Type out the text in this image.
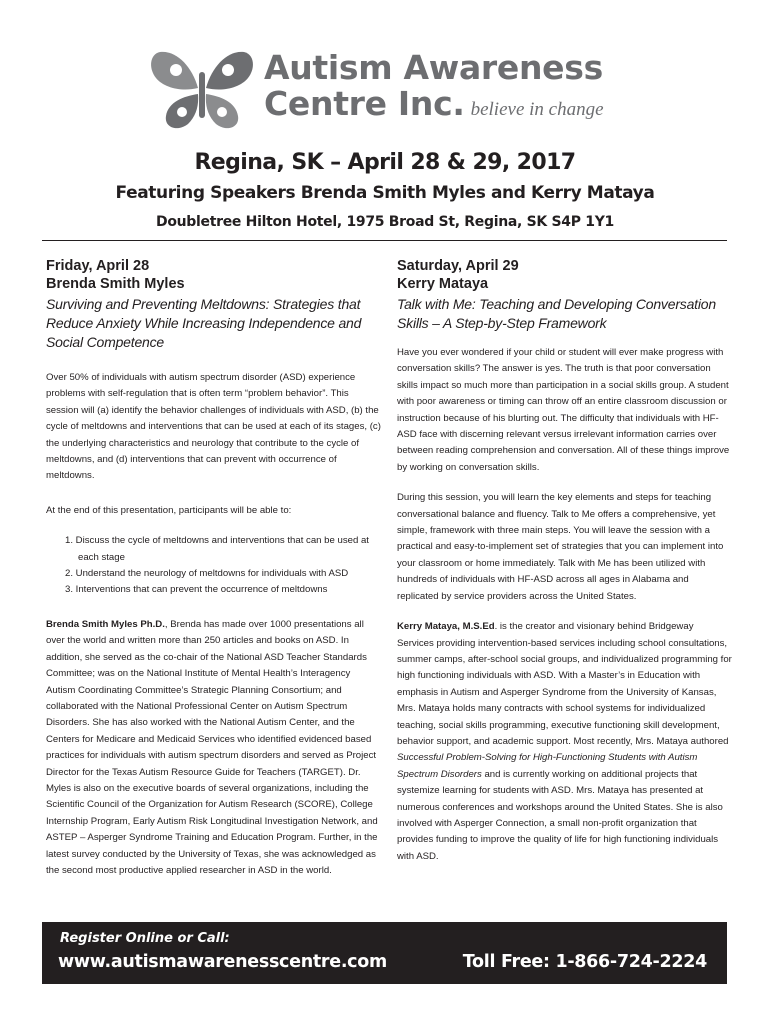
Autism Awareness
Centre Inc. believe in change
Regina, SK – April 28 & 29, 2017
Featuring Speakers Brenda Smith Myles and Kerry Mataya
Doubletree Hilton Hotel, 1975 Broad St, Regina, SK S4P 1Y1
Friday, April 28
Brenda Smith Myles
Surviving and Preventing Meltdowns: Strategies that Reduce Anxiety While Increasing Independence and Social Competence

Over 50% of individuals with autism spectrum disorder (ASD) experience problems with self-regulation that is often term “problem behavior”. This session will (a) identify the behavior challenges of individuals with ASD, (b) the cycle of meltdowns and interventions that can be used at each of its stages, (c) the underlying characteristics and neurology that contribute to the cycle of meltdowns, and (d) interventions that can prevent with occurrence of meltdowns.

At the end of this presentation, participants will be able to:

1. Discuss the cycle of meltdowns and interventions that can be used at each stage
2. Understand the neurology of meltdowns for individuals with ASD
3. Interventions that can prevent the occurrence of meltdowns

Brenda Smith Myles Ph.D., Brenda has made over 1000 presentations all over the world and written more than 250 articles and books on ASD. In addition, she served as the co-chair of the National ASD Teacher Standards Committee; was on the National Institute of Mental Health’s Interagency Autism Coordinating Committee’s Strategic Planning Consortium; and collaborated with the National Professional Center on Autism Spectrum Disorders. She has also worked with the National Autism Center, and the Centers for Medicare and Medicaid Services who identified evidenced based practices for individuals with autism spectrum disorders and served as Project Director for the Texas Autism Resource Guide for Teachers (TARGET). Dr. Myles is also on the executive boards of several organizations, including the Scientific Council of the Organization for Autism Research (SCORE), College Internship Program, Early Autism Risk Longitudinal Investigation Network, and ASTEP – Asperger Syndrome Training and Education Program. Further, in the latest survey conducted by the University of Texas, she was acknowledged as the second most productive applied researcher in ASD in the world.

Saturday, April 29
Kerry Mataya
Talk with Me: Teaching and Developing Conversation Skills – A Step-by-Step Framework

Have you ever wondered if your child or student will ever make progress with conversation skills? The answer is yes. The truth is that poor conversation skills impact so much more than participation in a social skills group. A student with poor awareness or timing can throw off an entire classroom discussion or instruction because of his blurting out. The difficulty that individuals with HF-ASD face with discerning relevant versus irrelevant information carries over between reading comprehension and conversation. All of these things improve by working on conversation skills.

During this session, you will learn the key elements and steps for teaching conversational balance and fluency. Talk to Me offers a comprehensive, yet simple, framework with three main steps. You will leave the session with a practical and easy-to-implement set of strategies that you can implement into your classroom or home immediately. Talk with Me has been utilized with hundreds of individuals with HF-ASD across all ages in Alabama and replicated by service providers across the United States.

Kerry Mataya, M.S.Ed. is the creator and visionary behind Bridgeway Services providing intervention-based services including school consultations, summer camps, after-school social groups, and individualized programming for high functioning individuals with ASD. With a Master’s in Education with emphasis in Autism and Asperger Syndrome from the University of Kansas, Mrs. Mataya holds many contracts with school systems for individualized teaching, social skills programming, executive functioning skill development, behavior support, and academic support. Most recently, Mrs. Mataya authored Successful Problem-Solving for High-Functioning Students with Autism Spectrum Disorders and is currently working on additional projects that systemize learning for students with ASD. Mrs. Mataya has presented at numerous conferences and workshops around the United States. She is also involved with Asperger Connection, a small non-profit organization that provides funding to improve the quality of life for high functioning individuals with ASD.

Register Online or Call:
www.autismawarenesscentre.com	Toll Free: 1-866-724-2224
